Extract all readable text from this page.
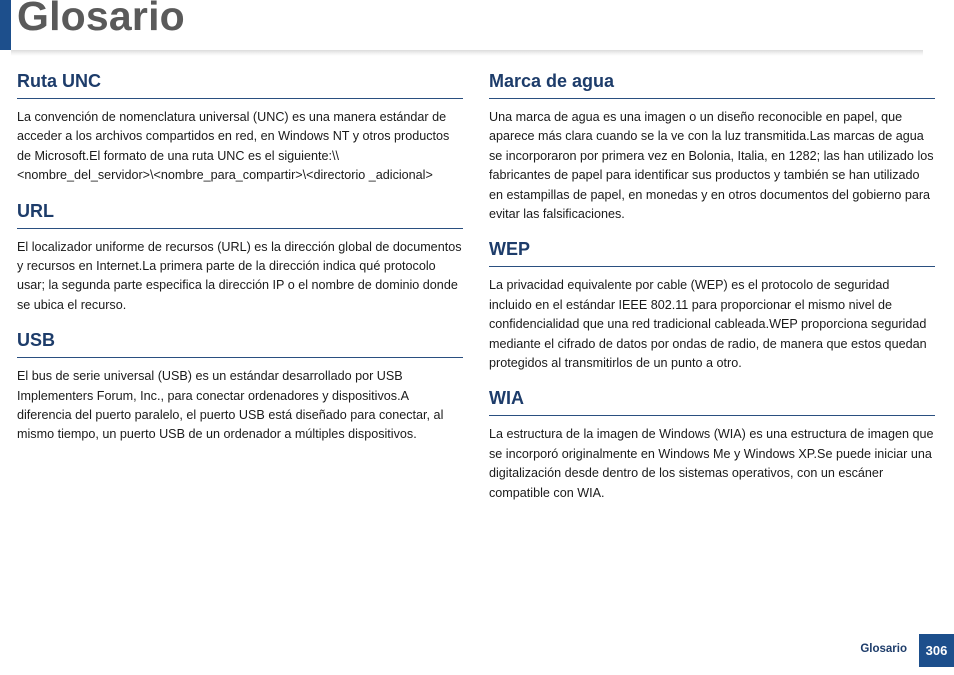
Glosario
Ruta UNC

La convención de nomenclatura universal (UNC) es una manera estándar de acceder a los archivos compartidos en red, en Windows NT y otros productos de Microsoft.El formato de una ruta UNC es el siguiente:\\<nombre_del_servidor>\<nombre_para_compartir>\<directorio _adicional>

URL

El localizador uniforme de recursos (URL) es la dirección global de documentos y recursos en Internet.La primera parte de la dirección indica qué protocolo usar; la segunda parte especifica la dirección IP o el nombre de dominio donde se ubica el recurso.

USB

El bus de serie universal (USB) es un estándar desarrollado por USB Implementers Forum, Inc., para conectar ordenadores y dispositivos.A diferencia del puerto paralelo, el puerto USB está diseñado para conectar, al mismo tiempo, un puerto USB de un ordenador a múltiples dispositivos.

Marca de agua

Una marca de agua es una imagen o un diseño reconocible en papel, que aparece más clara cuando se la ve con la luz transmitida.Las marcas de agua se incorporaron por primera vez en Bolonia, Italia, en 1282; las han utilizado los fabricantes de papel para identificar sus productos y también se han utilizado en estampillas de papel, en monedas y en otros documentos del gobierno para evitar las falsificaciones.

WEP

La privacidad equivalente por cable (WEP) es el protocolo de seguridad incluido en el estándar IEEE 802.11 para proporcionar el mismo nivel de confidencialidad que una red tradicional cableada.WEP proporciona seguridad mediante el cifrado de datos por ondas de radio, de manera que estos quedan protegidos al transmitirlos de un punto a otro.

WIA

La estructura de la imagen de Windows (WIA) es una estructura de imagen que se incorporó originalmente en Windows Me y Windows XP.Se puede iniciar una digitalización desde dentro de los sistemas operativos, con un escáner compatible con WIA.

Glosario	306
